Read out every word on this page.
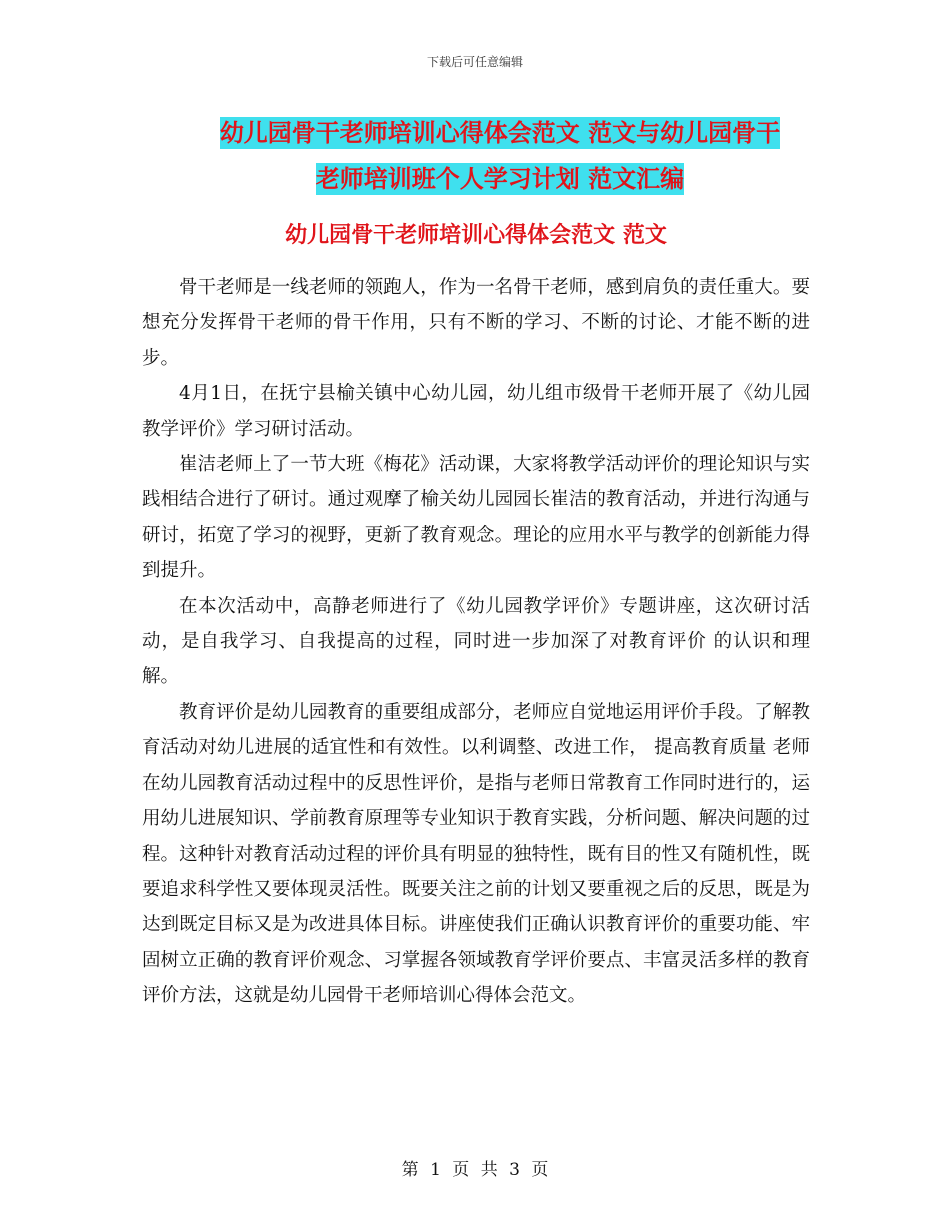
下载后可任意编辑
幼儿园骨干老师培训心得体会范文 范文与幼儿园骨干
老师培训班个人学习计划 范文汇编
幼儿园骨干老师培训心得体会范文 范文

骨干老师是一线老师的领跑人，作为一名骨干老师，感到肩负的责任重大。要想充分发挥骨干老师的骨干作用，只有不断的学习、不断的讨论、才能不断的进步。

4月1日，在抚宁县榆关镇中心幼儿园，幼儿组市级骨干老师开展了《幼儿园教学评价》学习研讨活动。

崔洁老师上了一节大班《梅花》活动课，大家将教学活动评价的理论知识与实践相结合进行了研讨。通过观摩了榆关幼儿园园长崔洁的教育活动，并进行沟通与研讨，拓宽了学习的视野，更新了教育观念。理论的应用水平与教学的创新能力得到提升。

在本次活动中，高静老师进行了《幼儿园教学评价》专题讲座，这次研讨活动，是自我学习、自我提高的过程，同时进一步加深了对教育评价 的认识和理解。

教育评价是幼儿园教育的重要组成部分，老师应自觉地运用评价手段。了解教育活动对幼儿进展的适宜性和有效性。以利调整、改进工作， 提高教育质量 老师在幼儿园教育活动过程中的反思性评价，是指与老师日常教育工作同时进行的，运用幼儿进展知识、学前教育原理等专业知识于教育实践，分析问题、解决问题的过程。这种针对教育活动过程的评价具有明显的独特性，既有目的性又有随机性，既要追求科学性又要体现灵活性。既要关注之前的计划又要重视之后的反思，既是为达到既定目标又是为改进具体目标。讲座使我们正确认识教育评价的重要功能、牢固树立正确的教育评价观念、习掌握各领域教育学评价要点、丰富灵活多样的教育评价方法，这就是幼儿园骨干老师培训心得体会范文。

第 1 页 共 3 页
